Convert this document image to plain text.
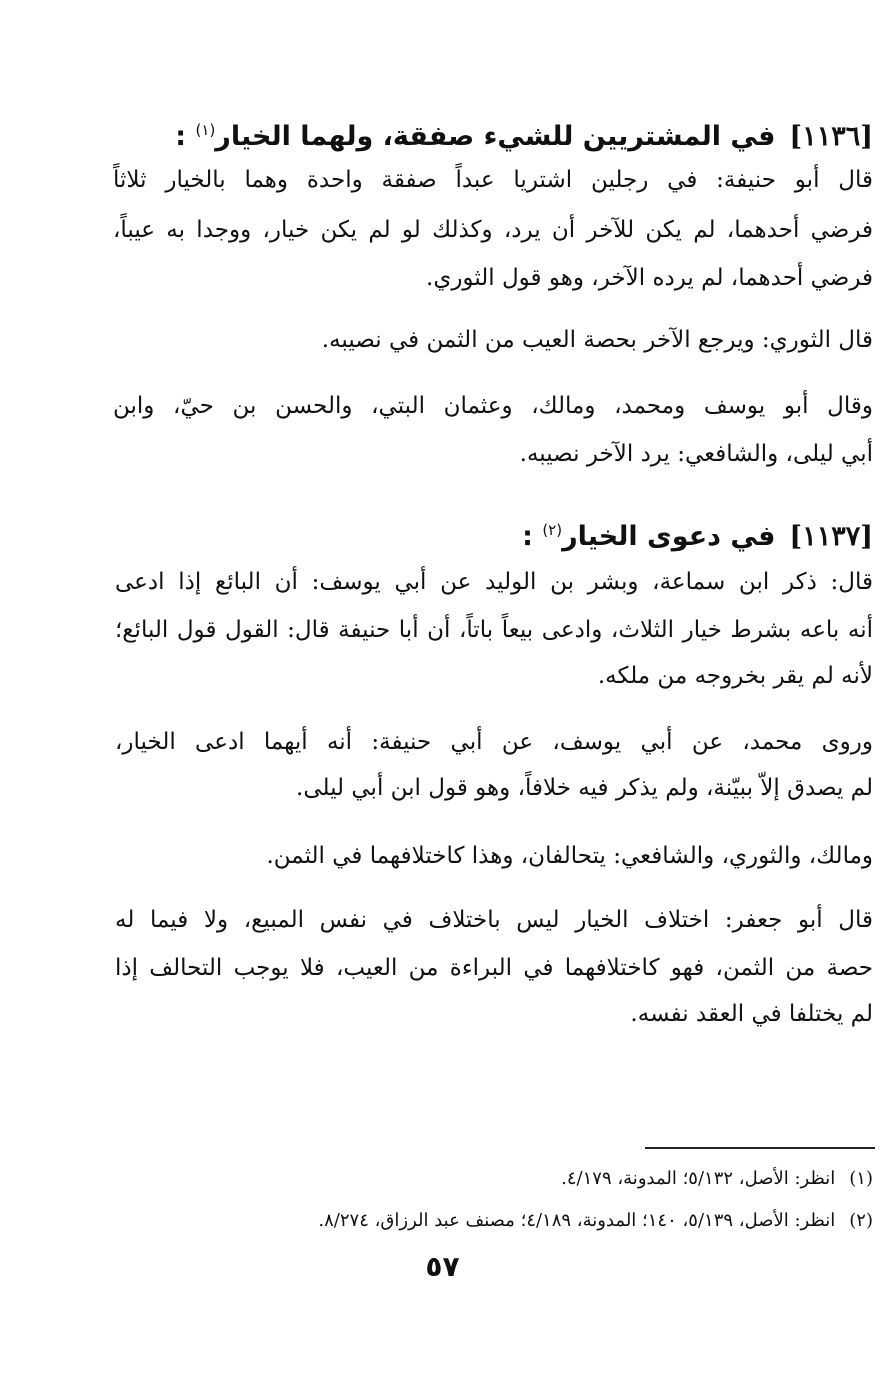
[١١٣٦]في المشتريين للشيء صفقة، ولهما الخيار$^{(١)}$ :
قال أبو حنيفة: في رجلين اشتريا عبداً صفقة واحدة وهما بالخيار ثلاثاً
فرضي أحدهما، لم يكن للآخر أن يرد، وكذلك لو لم يكن خيار، ووجدا به عيباً،
فرضي أحدهما، لم يرده الآخر، وهو قول الثوري.
قال الثوري: ويرجع الآخر بحصة العيب من الثمن في نصيبه.
وقال أبو يوسف ومحمد، ومالك، وعثمان البتي، والحسن بن حيّ، وابن
أبي ليلى، والشافعي: يرد الآخر نصيبه.
[١١٣٧]في دعوى الخيار$^{(٢)}$ :
قال: ذكر ابن سماعة، وبشر بن الوليد عن أبي يوسف: أن البائع إذا ادعى
أنه باعه بشرط خيار الثلاث، وادعى بيعاً باتاً، أن أبا حنيفة قال: القول قول البائع؛
لأنه لم يقر بخروجه من ملكه.
وروى محمد، عن أبي يوسف، عن أبي حنيفة: أنه أيهما ادعى الخيار،
لم يصدق إلاّ ببيّنة، ولم يذكر فيه خلافاً، وهو قول ابن أبي ليلى.
ومالك، والثوري، والشافعي: يتحالفان، وهذا كاختلافهما في الثمن.
قال أبو جعفر: اختلاف الخيار ليس باختلاف في نفس المبيع، ولا فيما له
حصة من الثمن، فهو كاختلافهما في البراءة من العيب، فلا يوجب التحالف إذا
لم يختلفا في العقد نفسه.
(١)انظر: الأصل، ٥/١٣٢؛ المدونة، ٤/١٧٩.
(٢)انظر: الأصل، ٥/١٣٩، ١٤٠؛ المدونة، ٤/١٨٩؛ مصنف عبد الرزاق، ٨/٢٧٤.
٥٧
